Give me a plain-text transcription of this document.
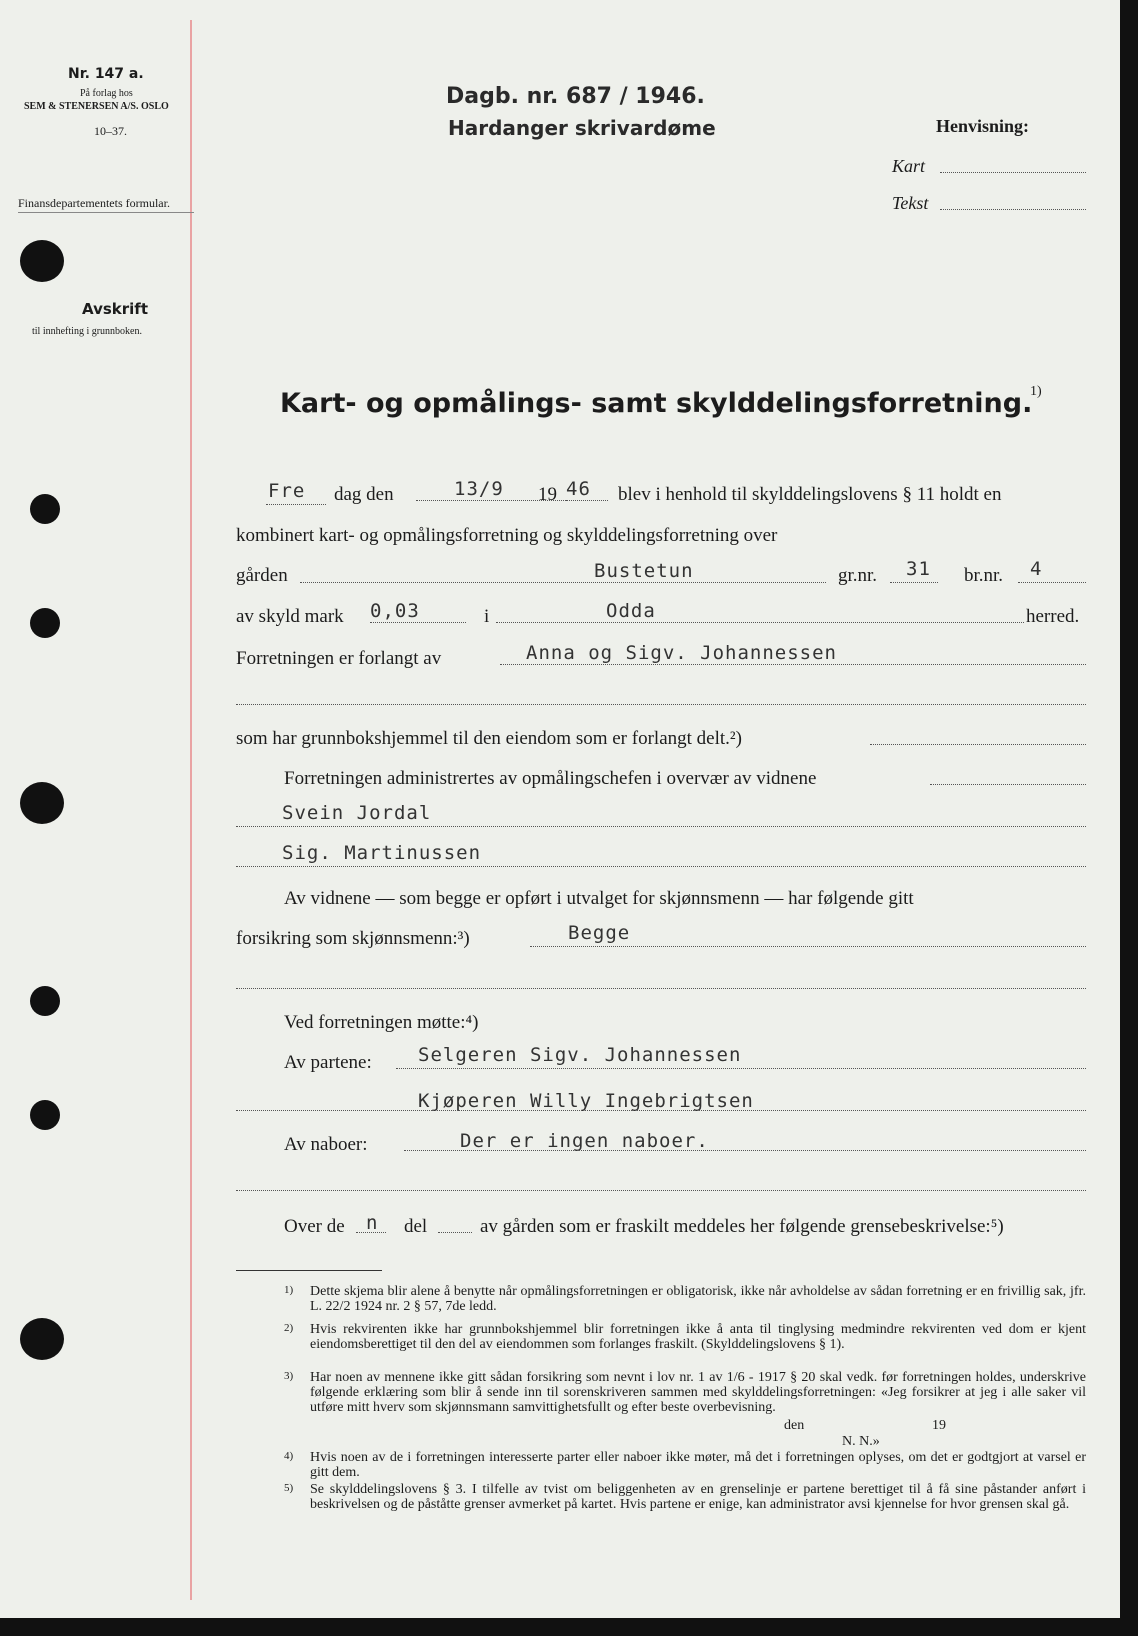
Nr. 147 a.
På forlag hos
SEM & STENERSEN A/S. OSLO
10–37.
Finansdepartementets formular.
Avskrift
til innhefting i grunnboken.
Dagb. nr. 687 / 1946.
Hardanger skrivardøme	Henvisning:
Kart
Tekst
Kart- og opmålings- samt skylddelingsforretning.
1)
Fre dag den	13/9 19 46 blev i henhold til skylddelingslovens § 11 holdt en
kombinert kart- og opmålingsforretning og skylddelingsforretning over
gården	Bustetun	gr.nr. 31 br.nr. 4
av skyld mark 0,03	i	Odda	herred.
Forretningen er forlangt av	Anna og Sigv. Johannessen
som har grunnbokshjemmel til den eiendom som er forlangt delt.²)
Forretningen administrertes av opmålingschefen i overvær av vidnene
Svein Jordal
Sig. Martinussen
Av vidnene — som begge er opført i utvalget for skjønnsmenn — har følgende gitt
forsikring som skjønnsmenn:³)	Begge
Ved forretningen møtte:⁴)
Av partene: Selgeren Sigv. Johannessen
Kjøperen Willy Ingebrigtsen
Av naboer:	Der er ingen naboer.
Over de n del	av gården som er fraskilt meddeles her følgende grensebeskrivelse:⁵)
1) Dette skjema blir alene å benytte når opmålingsforretningen er obligatorisk, ikke når avholdelse av sådan forretning er en frivillig sak, jfr. L. 22/2 1924 nr. 2 § 57, 7de ledd.
2) Hvis rekvirenten ikke har grunnbokshjemmel blir forretningen ikke å anta til tinglysing medmindre rekvirenten ved dom er kjent eiendomsberettiget til den del av eiendommen som forlanges fraskilt. (Skylddelingslovens § 1).
3) Har noen av mennene ikke gitt sådan forsikring som nevnt i lov nr. 1 av 1/6 - 1917 § 20 skal vedk. før forretningen holdes, underskrive følgende erklæring som blir å sende inn til sorenskriveren sammen med skylddelingsforretningen: «Jeg forsikrer at jeg i alle saker vil utføre mitt hverv som skjønnsmann samvittighetsfullt og efter beste overbevisning.
4) Hvis noen av de i forretningen interesserte parter eller naboer ikke møter, må det i forretningen oplyses, om det er godtgjort at varsel er gitt dem.
5) Se skylddelingslovens § 3. I tilfelle av tvist om beliggenheten av en grenselinje er partene berettiget til å få sine påstander anført i beskrivelsen og de påståtte grenser avmerket på kartet. Hvis partene er enige, kan administrator avsi kjennelse for hvor grensen skal gå.
den	19
N. N.»
